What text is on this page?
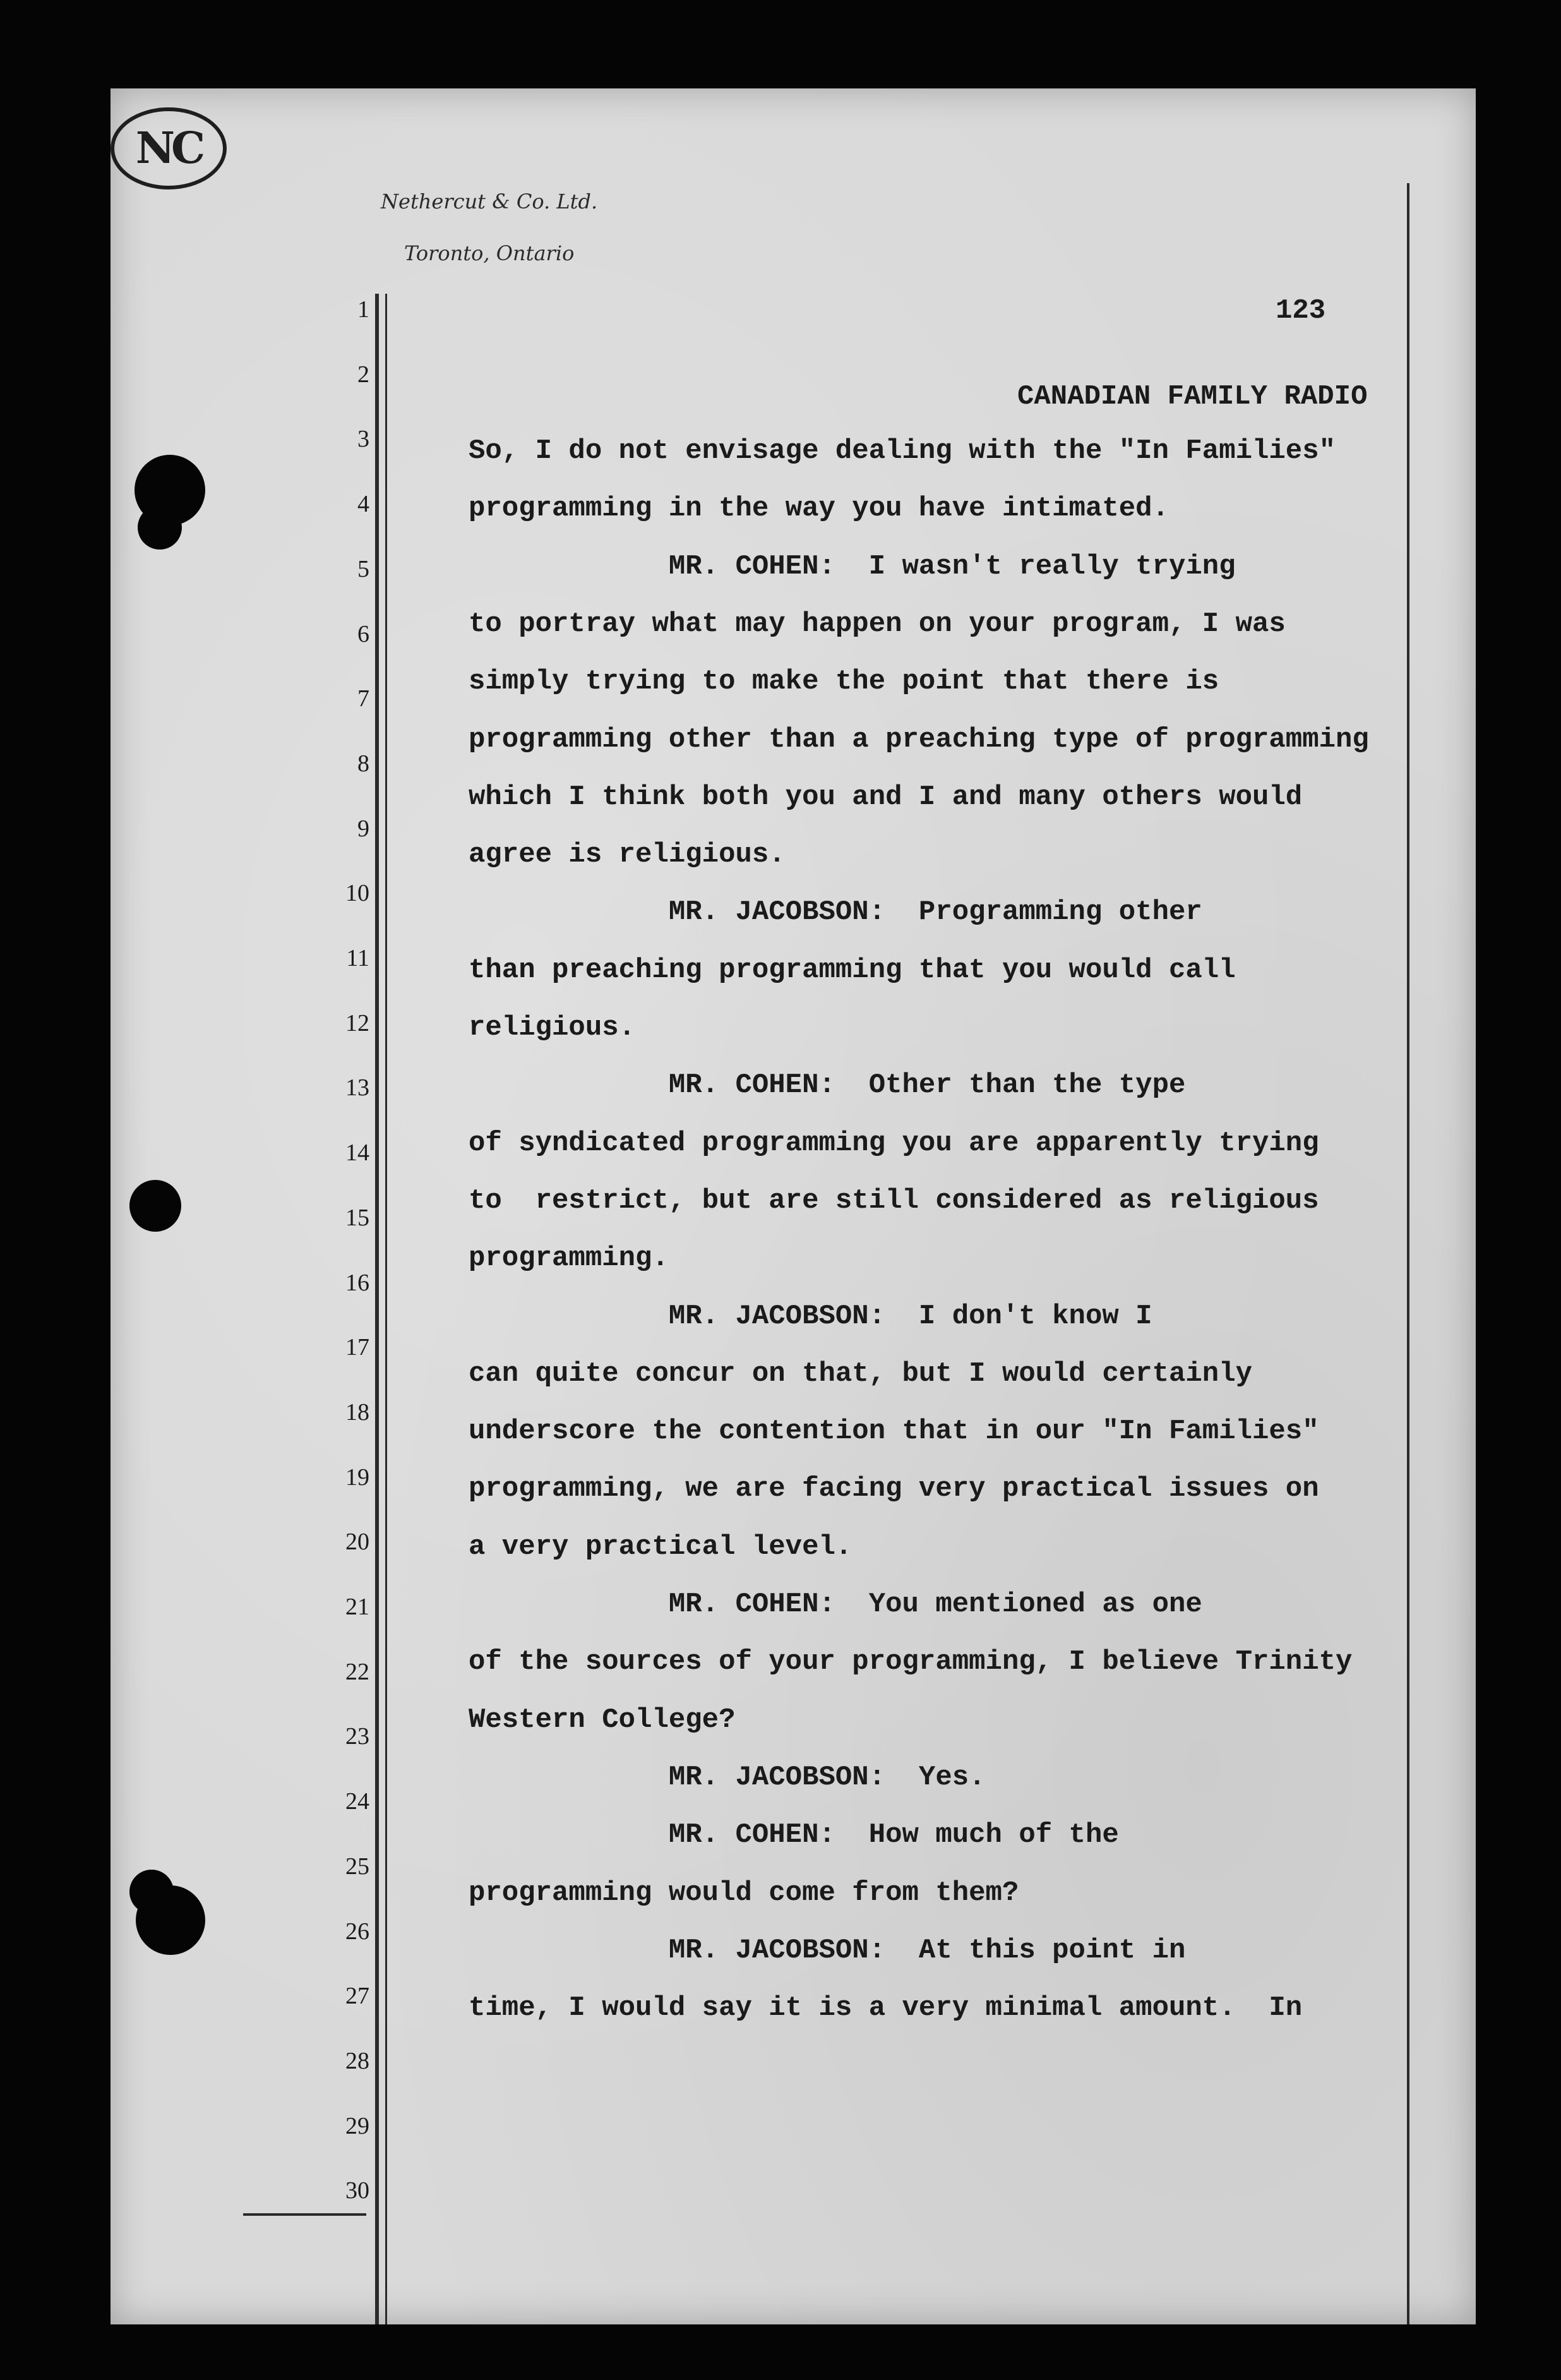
NC
Nethercut & Co. Ltd.
Toronto, Ontario
123
CANADIAN FAMILY RADIO
1
2
3
4
5
6
7
8
9
10
11
12
13
14
15
16
17
18
19
20
21
22
23
24
25
26
27
28
29
30
So, I do not envisage dealing with the "In Families"
programming in the way you have intimated.
MR. COHEN:  I wasn't really trying
to portray what may happen on your program, I was
simply trying to make the point that there is
programming other than a preaching type of programming
which I think both you and I and many others would
agree is religious.
MR. JACOBSON:  Programming other
than preaching programming that you would call
religious.
MR. COHEN:  Other than the type
of syndicated programming you are apparently trying
to  restrict, but are still considered as religious
programming.
MR. JACOBSON:  I don't know I
can quite concur on that, but I would certainly
underscore the contention that in our "In Families"
programming, we are facing very practical issues on
a very practical level.
MR. COHEN:  You mentioned as one
of the sources of your programming, I believe Trinity
Western College?
MR. JACOBSON:  Yes.
MR. COHEN:  How much of the
programming would come from them?
MR. JACOBSON:  At this point in
time, I would say it is a very minimal amount.  In
